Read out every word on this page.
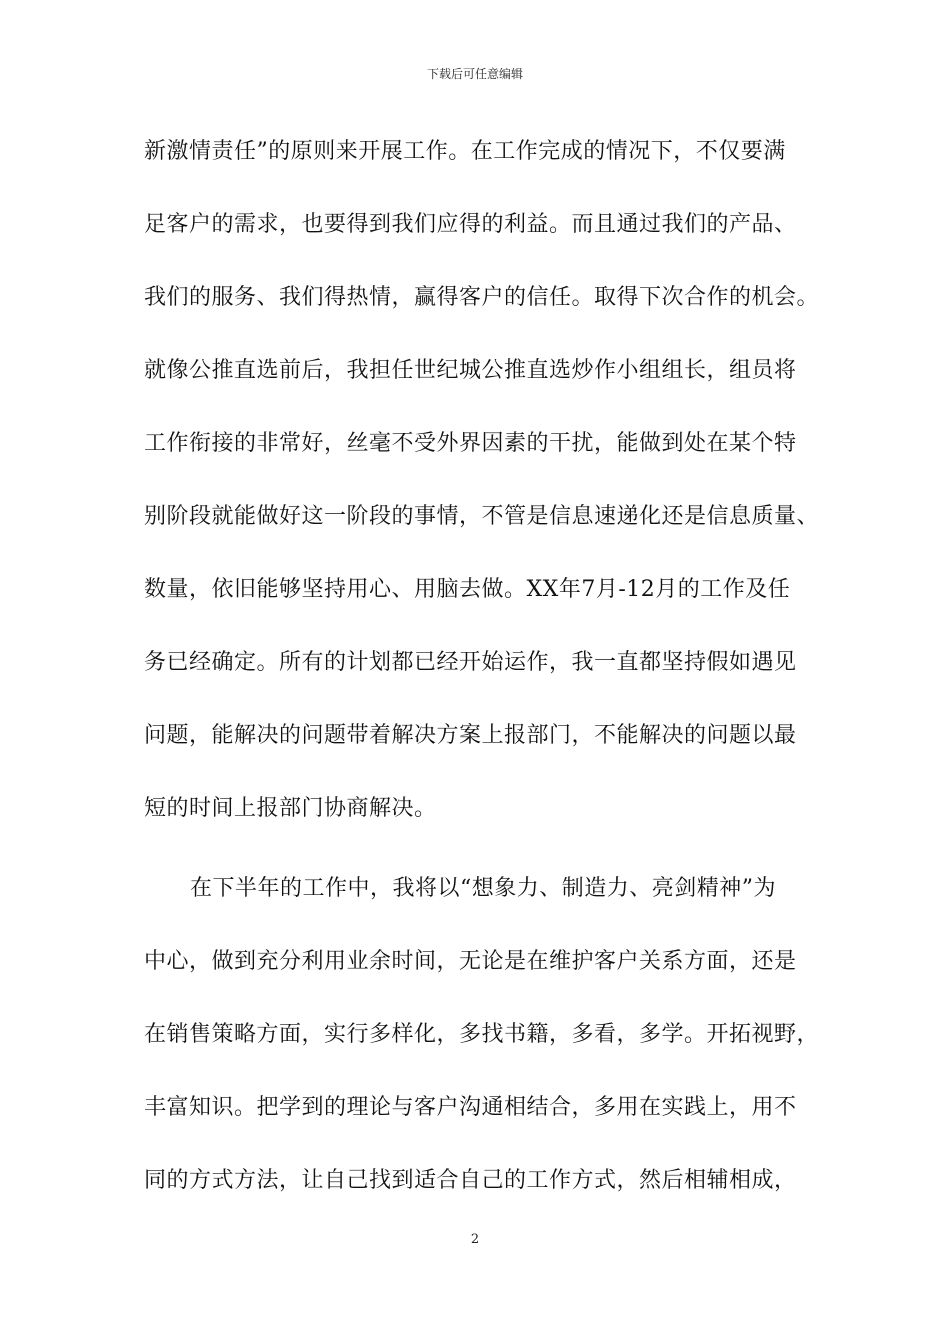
下载后可任意编辑
新激情责任”的原则来开展工作。在工作完成的情况下，不仅要满
足客户的需求，也要得到我们应得的利益。而且通过我们的产品、
我们的服务、我们得热情，赢得客户的信任。取得下次合作的机会。
就像公推直选前后，我担任世纪城公推直选炒作小组组长，组员将
工作衔接的非常好，丝毫不受外界因素的干扰，能做到处在某个特
别阶段就能做好这一阶段的事情，不管是信息速递化还是信息质量、
数量，依旧能够坚持用心、用脑去做。XX年7月-12月的工作及任
务已经确定。所有的计划都已经开始运作，我一直都坚持假如遇见
问题，能解决的问题带着解决方案上报部门，不能解决的问题以最
短的时间上报部门协商解决。
在下半年的工作中，我将以“想象力、制造力、亮剑精神”为
中心，做到充分利用业余时间，无论是在维护客户关系方面，还是
在销售策略方面，实行多样化，多找书籍，多看，多学。开拓视野，
丰富知识。把学到的理论与客户沟通相结合，多用在实践上，用不
同的方式方法，让自己找到适合自己的工作方式，然后相辅相成，
2
